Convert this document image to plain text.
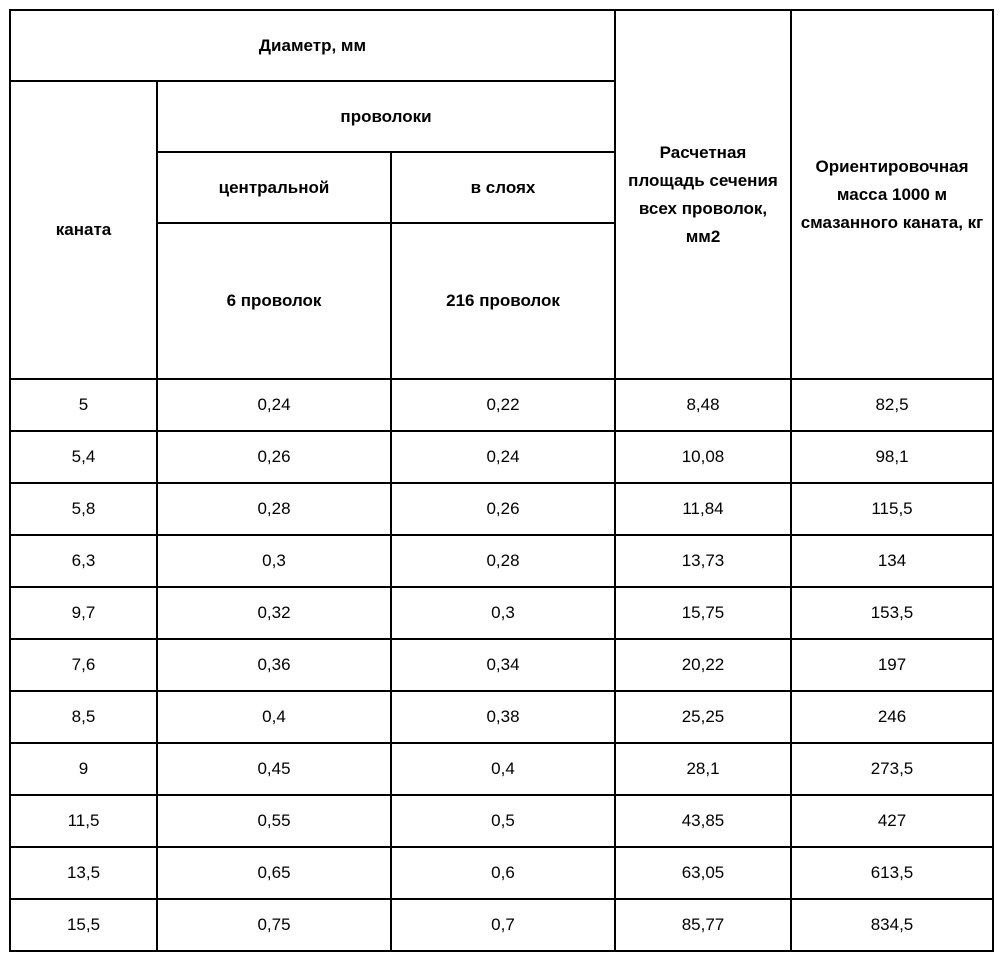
Диаметр, мм			Расчетная площадь сечения всех проволок, мм2	Ориентировочная масса 1000 м смазанного каната, кг

каната	проволоки			
	центральной	в слоях		
	6 проволок	216 проволок		
5	0,24	0,22	8,48	82,5
5,4	0,26	0,24	10,08	98,1
5,8	0,28	0,26	11,84	115,5
6,3	0,3	0,28	13,73	134
9,7	0,32	0,3	15,75	153,5
7,6	0,36	0,34	20,22	197
8,5	0,4	0,38	25,25	246
9	0,45	0,4	28,1	273,5
11,5	0,55	0,5	43,85	427
13,5	0,65	0,6	63,05	613,5
15,5	0,75	0,7	85,77	834,5
